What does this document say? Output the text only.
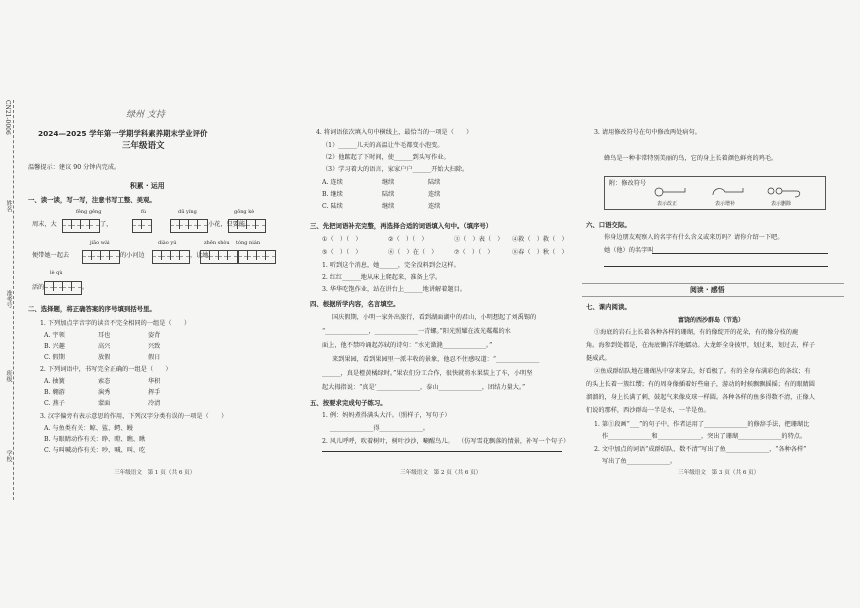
CN21-0006
姓名
准考号
班级
学校
绿州 支持
2024—2025 学年第一学期学科素养期末学业评价
三年级语文
温馨提示：建议 90 分钟内完成。
积累 · 运用
一、读一读，写一写，注意书写工整、美观。
fēng gěng	fù	dū yíng	gōng kè
周末，大	了，	小花，只要能
jiāo wài	diào yú	zhēn shòu tóng nián
便带她一起去	的小河边	，让她
lè qù
活的	。
二、选择题，将正确答案的序号填到括号里。
1. 下列加点字音字的读音不完全相同的一组是（　　）
A. 宇领	耳也	姿背
B. 兴趣	高兴	兴致
C. 假期	放假	假日
2. 下列词语中，书写完全正确的一组是（　　）
A. 抽簧	索态	华积
B. 翱游	演秀	挥手
C. 燕子	蒙面	冷清
3. 汉字偏旁有表示意思的作用，下列汉字分类有误的一项是（　　）
A. 与鱼类有关：鲸、鲨、鳄、鳗
B. 与眼睛动作有关：睁、瞪、瞧、瞅
C. 与叫喊动作有关：吵、喊、叫、吃
三年级语文　第 1 页（共 6 页）
4. 将词语依次填入句中横线上，最恰当的一项是（　　）
（1）______儿天的高温让牛毛都变小泡变。
（2）他踮起了下时间，使______到头写作业。
（3）学习着大的语言，家家户户______开始大扫除。
A. 连续	继续	陆续
B. 继续	陆续	连续
C. 陆续	继续	连续
三、先把词语补充完整，再选择合适的词语填入句中。（填序号）
①（　）（　）	②（　）（　）	③（　）表（　） ④救（　）救（　）
⑤（　）（　）	⑥（　）在（　）	⑦（　）（　）	⑧春（　）秋（　）
1. 听到这个消息，她______，完全没料到会这样。
2. 红红______地从床上爬起来，准备上学。
3. 华华吃饱作业，站在讲台上______地讲解着题目。
四、根据所学内容，名言填空。
国庆假期，小明一家外出旅行，看到湖面湖中的君山，小明想起了刘禹锡的
“______________，______________一青螺。”阳光照耀在波光粼粼的水
面上，他不禁吟诵起苏轼的诗句：“水光潋滟______________。”
来到果园，看到果园里一派丰收的景象，他忍不住感叹道：“______________
______，真是橙黄橘绿时。”果农们分工合作，很快就将水果装上了车，小明坚
起大拇指说：“真是‘______________，泰山______________，团结力量大。”
五、按要求完成句子练习。
1. 例：妈妈煮得满头大汗。（照样子，写句子）
______________得______________。
2. 风儿呼呼，吹着树叶，树叶沙沙，唰醒鸟儿。 （仿写雪花飘落的情景，补写一个句子）
三年级语文　第 2 页（共 6 页）
3. 请用修改符号在句中修改两处病句。
蜂鸟是一种非常特别美丽的鸟，它的身上长着颜色鲜亮的鸡毛。
附：修改符号
表示改正	表示增补	表示删除
六、口语交际。
你身边朋友观察人的名字有什么含义或来历吗？请你介绍一下吧。
她（他）的名字叫
阅读 · 感悟
七、课内阅读。
富饶的西沙群岛（节选）
①海底的岩石上长着各种各样的珊瑚，有的像绽开的花朵，有的像分枝的鹿
角。海参到处都是，在海底懒洋洋地蠕动。大龙虾全身披甲，划过来，划过去，样子
挺威武。
②鱼成群结队地在珊瑚丛中穿来穿去，好看极了。有的全身布满彩色的条纹；有
的头上长着一簇红缨；有的周身像插着好些扇子，游动的时候飘飘摇摇；有的眼睛圆
溜溜的，身上长满了刺，鼓起气来像皮球一样圆。各种各样的鱼多得数不清，正像人
们说的那样，西沙群岛一半是水，一半是鱼。
1. 第①段画“___”的句子中，作者运用了______________的修辞手法，把珊瑚比
作______________和______________，突出了珊瑚______________的特点。
2. 文中加点的词语“成群结队、数不清”写出了鱼______________，“各种各样”
写出了鱼______________。
三年级语文　第 3 页（共 6 页）
